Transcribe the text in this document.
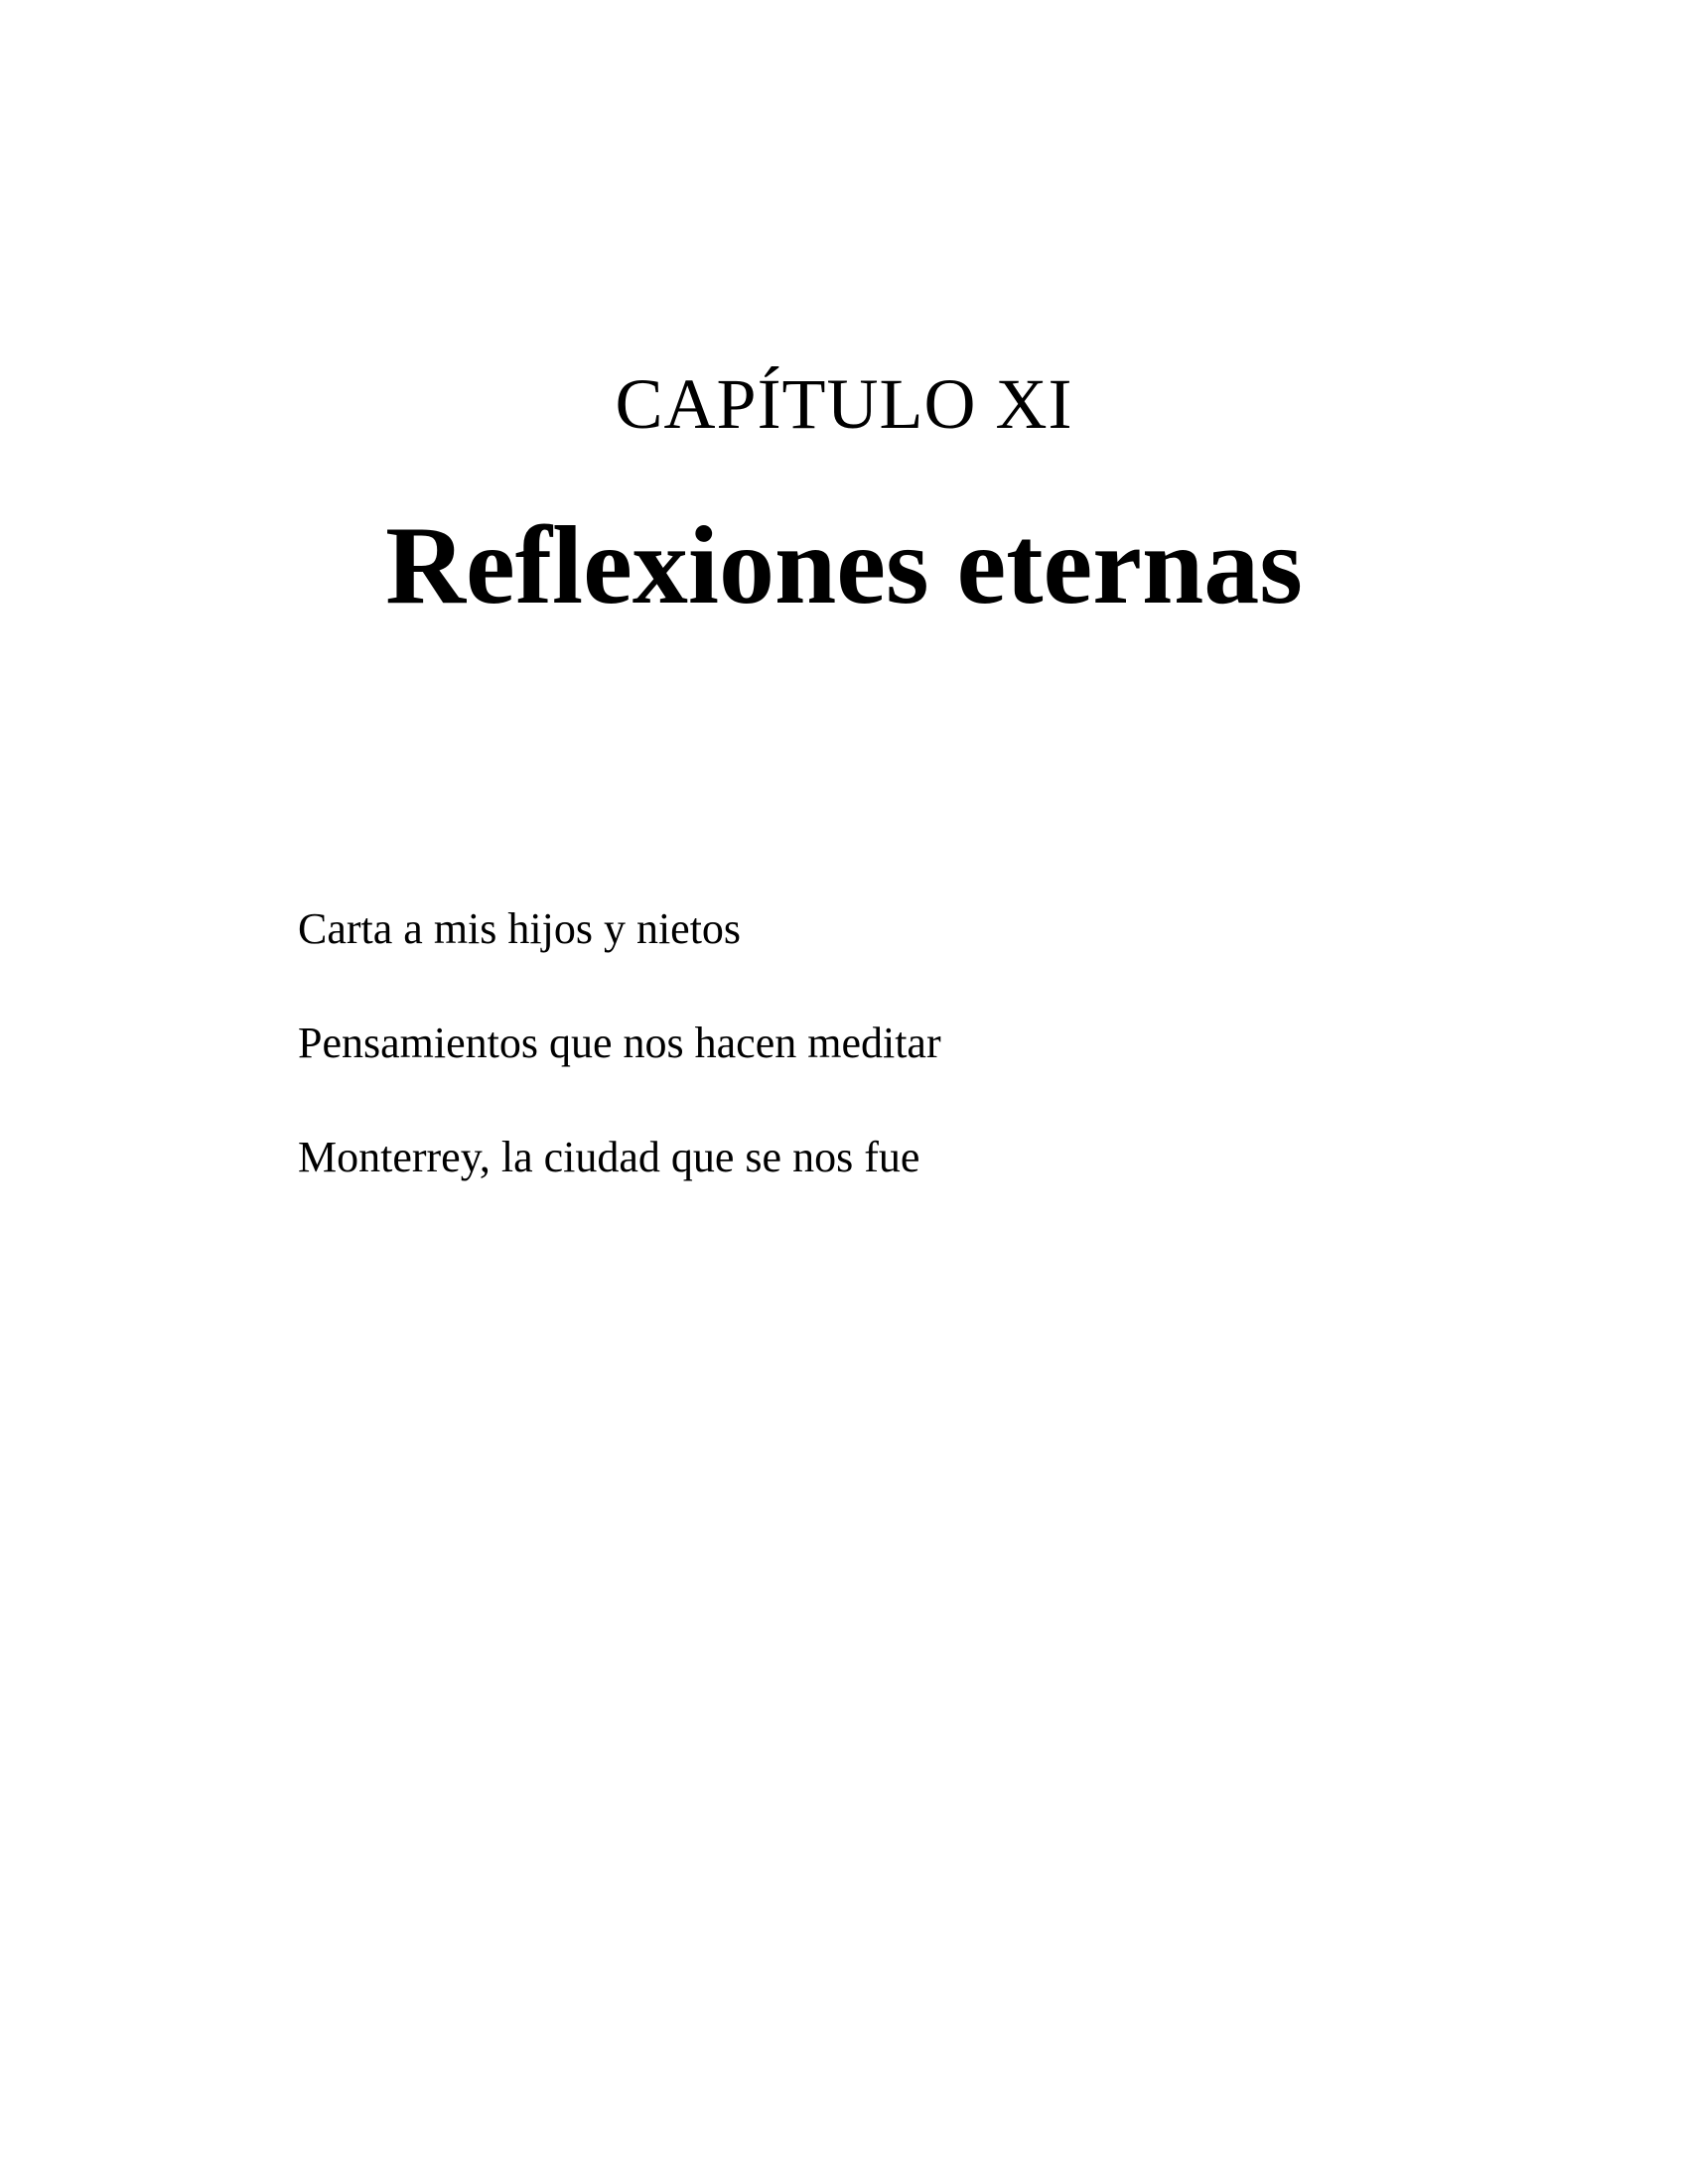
CAPÍTULO XI
Reflexiones eternas
Carta a mis hijos y nietos
Pensamientos que nos hacen meditar
Monterrey, la ciudad que se nos fue
